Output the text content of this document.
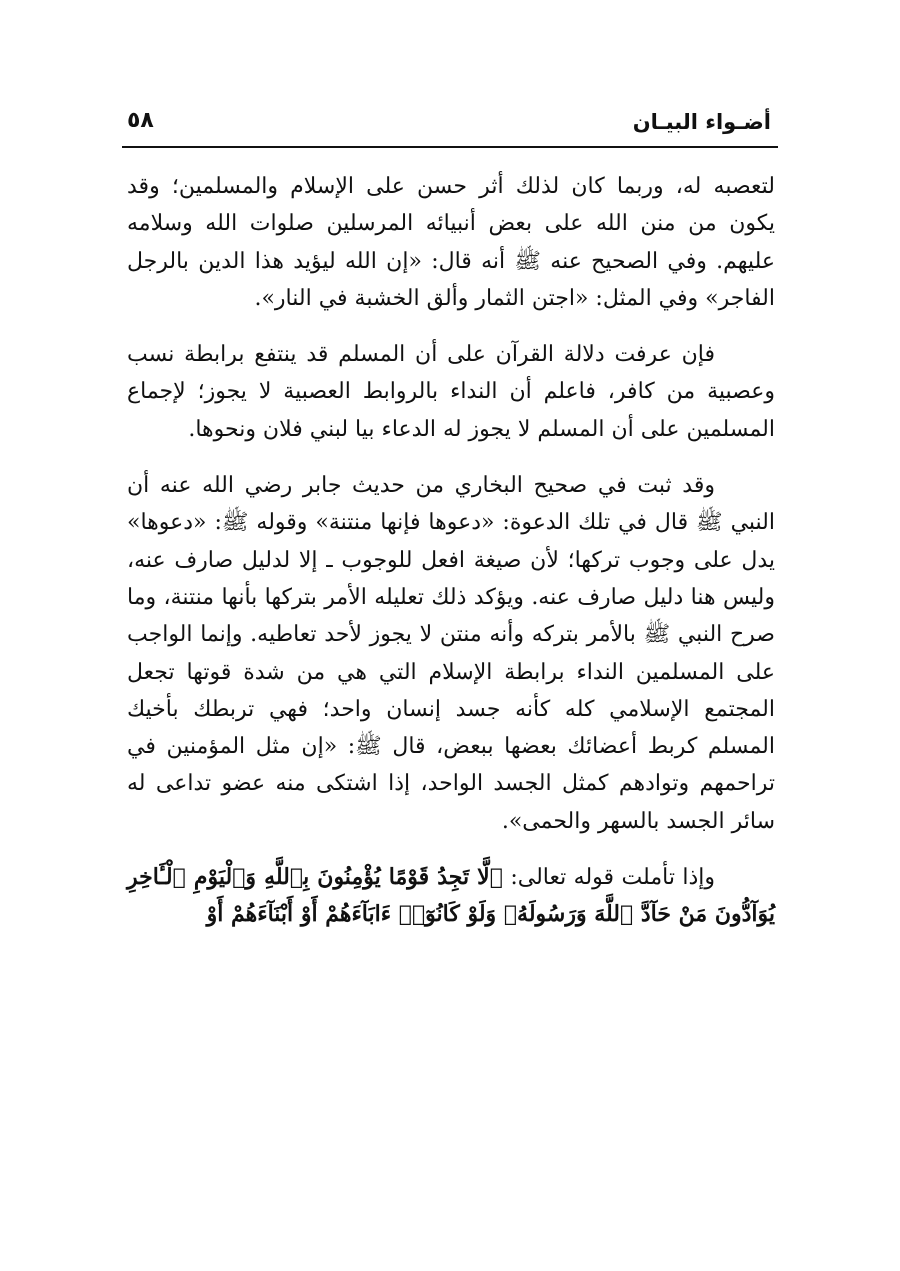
أضـواء البيـان
٥٨

لتعصبه له، وربما كان لذلك أثر حسن على الإسلام والمسلمين؛ وقد يكون من منن الله على بعض أنبيائه المرسلين صلوات الله وسلامه عليهم. وفي الصحيح عنه ﷺ أنه قال: «إن الله ليؤيد هذا الدين بالرجل الفاجر» وفي المثل: «اجتن الثمار وألق الخشبة في النار».

فإن عرفت دلالة القرآن على أن المسلم قد ينتفع برابطة نسب وعصبية من كافر، فاعلم أن النداء بالروابط العصبية لا يجوز؛ لإجماع المسلمين على أن المسلم لا يجوز له الدعاء بيا لبني فلان ونحوها.

وقد ثبت في صحيح البخاري من حديث جابر رضي الله عنه أن النبي ﷺ قال في تلك الدعوة: «دعوها فإنها منتنة» وقوله ﷺ: «دعوها» يدل على وجوب تركها؛ لأن صيغة افعل للوجوب ـ إلا لدليل صارف عنه، وليس هنا دليل صارف عنه. ويؤكد ذلك تعليله الأمر بتركها بأنها منتنة، وما صرح النبي ﷺ بالأمر بتركه وأنه منتن لا يجوز لأحد تعاطيه. وإنما الواجب على المسلمين النداء برابطة الإسلام التي هي من شدة قوتها تجعل المجتمع الإسلامي كله كأنه جسد إنسان واحد؛ فهي تربطك بأخيك المسلم كربط أعضائك بعضها ببعض، قال ﷺ: «إن مثل المؤمنين في تراحمهم وتوادهم كمثل الجسد الواحد، إذا اشتكى منه عضو تداعى له سائر الجسد بالسهر والحمى».

وإذا تأملت قوله تعالى: ﴿لَّا تَجِدُ قَوْمًا يُؤْمِنُونَ بِٱللَّهِ وَٱلْيَوْمِ ٱلْـَٔاخِرِ يُوَآدُّونَ مَنْ حَآدَّ ٱللَّهَ وَرَسُولَهُۥ وَلَوْ كَانُوٓا۟ ءَابَآءَهُمْ أَوْ أَبْنَآءَهُمْ أَوْ
